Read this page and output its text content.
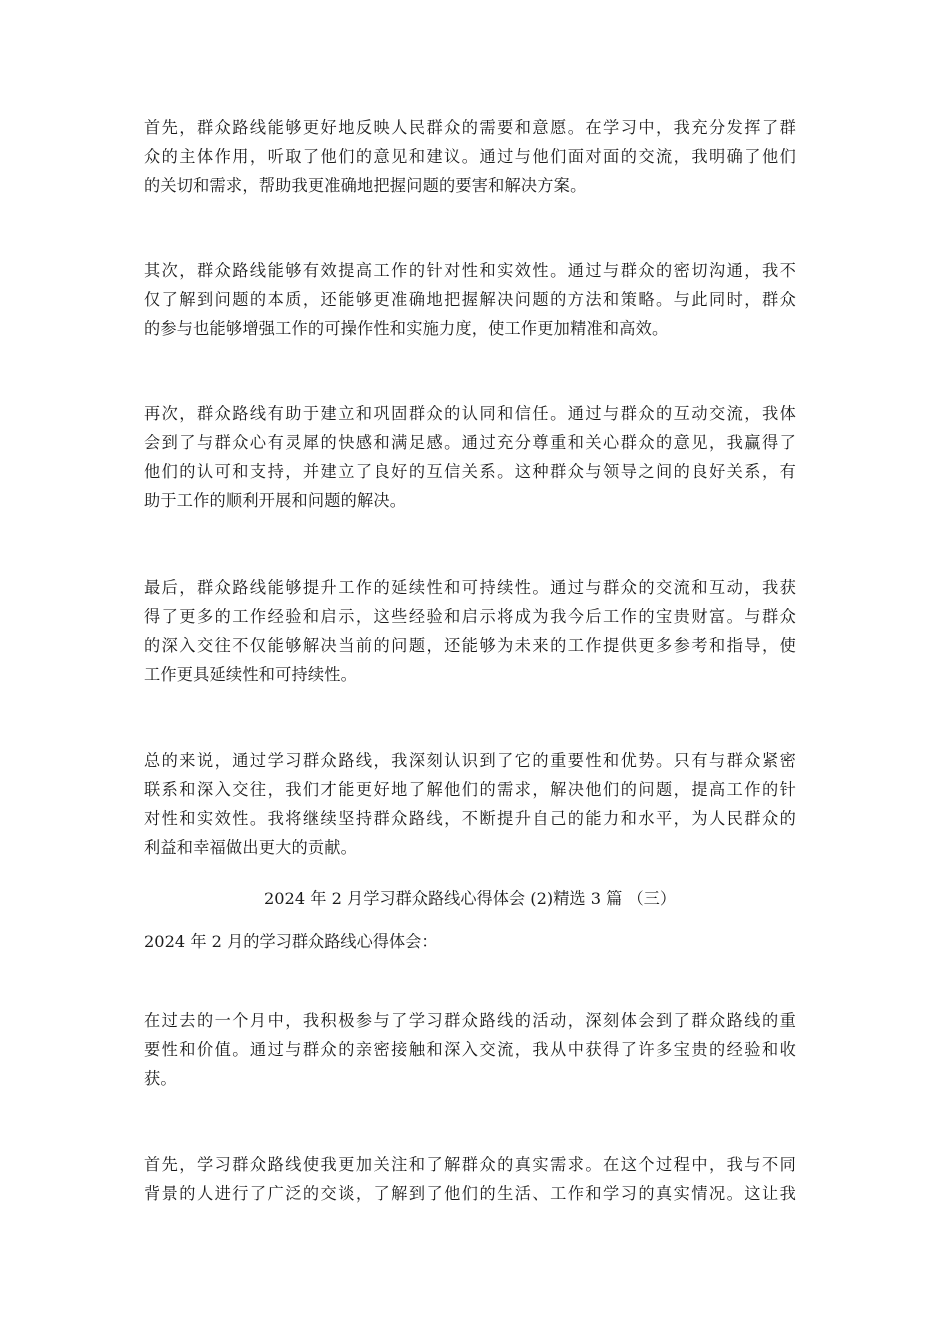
首先，群众路线能够更好地反映人民群众的需要和意愿。在学习中，我充分发挥了群
众的主体作用，听取了他们的意见和建议。通过与他们面对面的交流，我明确了他们
的关切和需求，帮助我更准确地把握问题的要害和解决方案。
其次，群众路线能够有效提高工作的针对性和实效性。通过与群众的密切沟通，我不
仅了解到问题的本质，还能够更准确地把握解决问题的方法和策略。与此同时，群众
的参与也能够增强工作的可操作性和实施力度，使工作更加精准和高效。
再次，群众路线有助于建立和巩固群众的认同和信任。通过与群众的互动交流，我体
会到了与群众心有灵犀的快感和满足感。通过充分尊重和关心群众的意见，我赢得了
他们的认可和支持，并建立了良好的互信关系。这种群众与领导之间的良好关系，有
助于工作的顺利开展和问题的解决。
最后，群众路线能够提升工作的延续性和可持续性。通过与群众的交流和互动，我获
得了更多的工作经验和启示，这些经验和启示将成为我今后工作的宝贵财富。与群众
的深入交往不仅能够解决当前的问题，还能够为未来的工作提供更多参考和指导，使
工作更具延续性和可持续性。
总的来说，通过学习群众路线，我深刻认识到了它的重要性和优势。只有与群众紧密
联系和深入交往，我们才能更好地了解他们的需求，解决他们的问题，提高工作的针
对性和实效性。我将继续坚持群众路线，不断提升自己的能力和水平，为人民群众的
利益和幸福做出更大的贡献。
2024 年 2 月学习群众路线心得体会 (2)精选 3 篇 （三）
2024 年 2 月的学习群众路线心得体会：
在过去的一个月中，我积极参与了学习群众路线的活动，深刻体会到了群众路线的重
要性和价值。通过与群众的亲密接触和深入交流，我从中获得了许多宝贵的经验和收
获。
首先，学习群众路线使我更加关注和了解群众的真实需求。在这个过程中，我与不同
背景的人进行了广泛的交谈，了解到了他们的生活、工作和学习的真实情况。这让我
